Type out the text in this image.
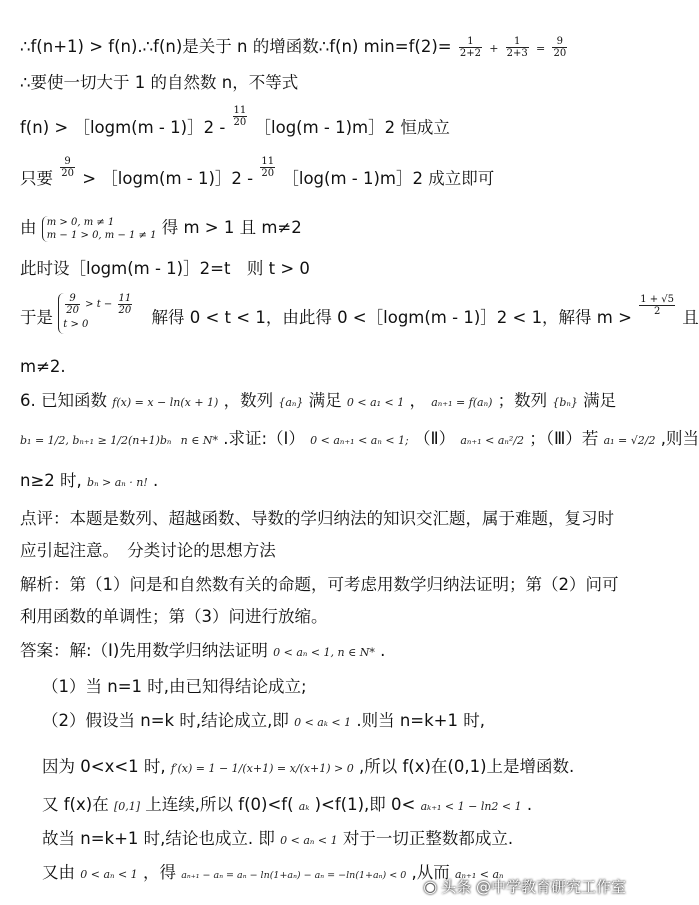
∴f(n+1) > f(n).∴f(n)是关于 n 的增函数∴f(n) $\min=f(2)= \frac{1}{2+2} + \frac{1}{2+3} = \frac{9}{20}$
∴要使一切大于 1 的自然数 n，不等式
f(n) > ［logm(m - 1)］2 - $\frac{11}{20}$ ［log(m - 1)m］2 恒成立
只要 $\frac{9}{20}$ > ［logm(m - 1)］2 - $\frac{11}{20}$ ［log(m - 1)m］2 成立即可
由 m > 0, m ≠ 1
m − 1 > 0, m − 1 ≠ 1 得 m > 1 且 m≠2
此时设［logm(m - 1)］2=t　则 t > 0
于是
$\frac{9}{20} > t - \frac{11}{20}$
t > 0	解得 0 < t < 1，由此得 0 <［logm(m - 1)］2 < 1，解得 m >
$\frac{1 + √5}{2}$
且
m≠2.
6. 已知函数 f(x) = x − ln(x + 1) ，数列 {aₙ} 满足 0 < a₁ < 1 ， aₙ₊₁ = f(aₙ) ；数列 {bₙ} 满足
b₁ = 1/2, bₙ₊₁ ≥ 1/2(n+1)bₙ n ∈ N* .求证:（Ⅰ） 0 < aₙ₊₁ < aₙ < 1; （Ⅱ） aₙ₊₁ < aₙ²/2 ；（Ⅲ）若 a₁ = √2/2 ,则当
n≥2 时, bₙ > aₙ · n! .
点评：本题是数列、超越函数、导数的学归纳法的知识交汇题，属于难题，复习时
应引起注意。　分类讨论的思想方法
解析：第（1）问是和自然数有关的命题，可考虑用数学归纳法证明；第（2）问可
利用函数的单调性；第（3）问进行放缩。
答案：解:（Ⅰ)先用数学归纳法证明 0 < aₙ < 1, n ∈ N* .
（1）当 n=1 时,由已知得结论成立;
（2）假设当 n=k 时,结论成立,即 0 < aₖ < 1 .则当 n=k+1 时,
因为 0<x<1 时, f′(x) = 1 − 1/(x+1) = x/(x+1) > 0 ,所以 f(x)在(0,1)上是增函数.
又 f(x)在 [0,1] 上连续,所以 f(0)<f( aₖ )<f(1),即 0< aₖ₊₁ < 1 − ln2 < 1 .
故当 n=k+1 时,结论也成立. 即 0 < aₙ < 1 对于一切正整数都成立.
又由 0 < aₙ < 1 ，得 aₙ₊₁ − aₙ = aₙ − ln(1+aₙ) − aₙ = −ln(1+aₙ) < 0 ,从而 aₙ₊₁ < aₙ
◉ 头条 @中学教育研究工作室
